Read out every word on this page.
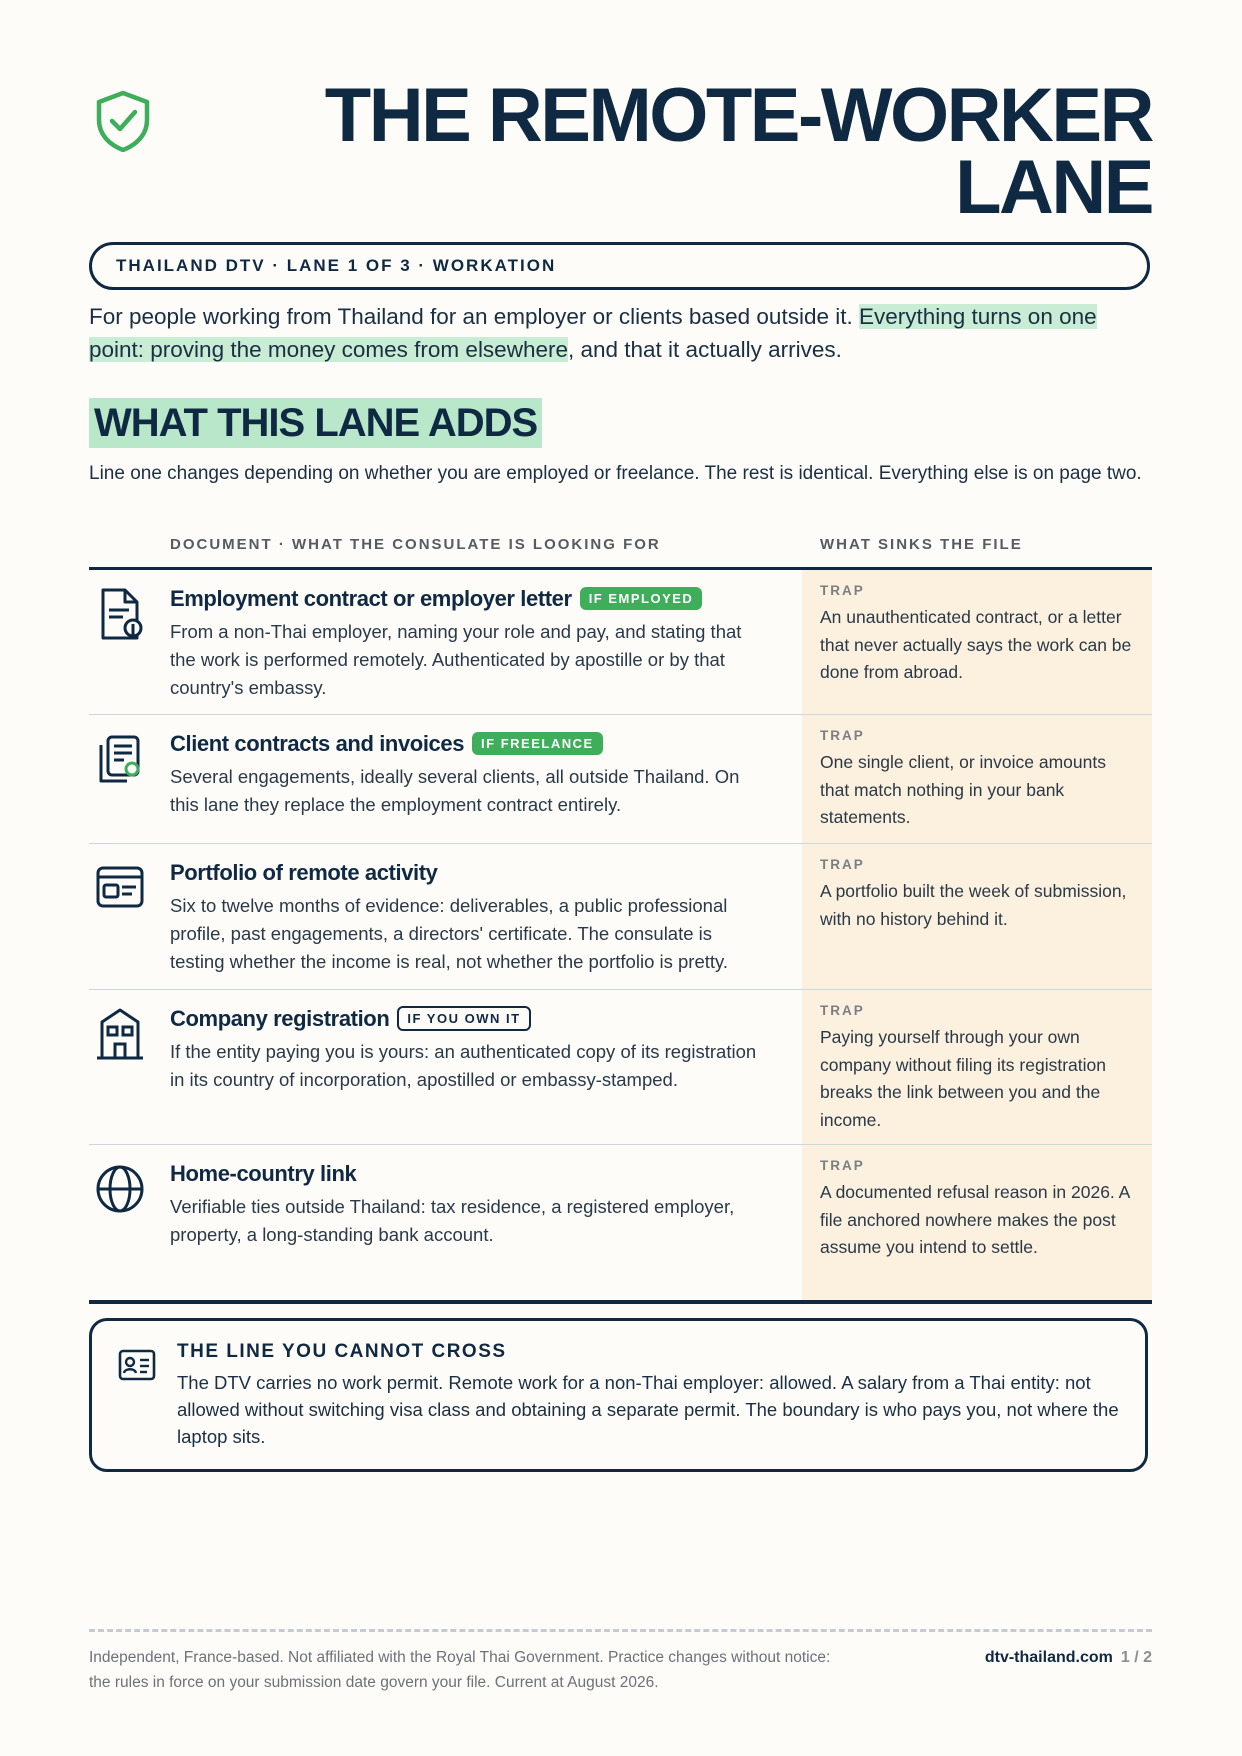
THE REMOTE-WORKER
LANE
THAILAND DTV · LANE 1 OF 3 · WORKATION
For people working from Thailand for an employer or clients based outside it. Everything turns on one point: proving the money comes from elsewhere, and that it actually arrives.
WHAT THIS LANE ADDS
Line one changes depending on whether you are employed or freelance. The rest is identical. Everything else is on page two.
DOCUMENT · WHAT THE CONSULATE IS LOOKING FOR	WHAT SINKS THE FILE
Employment contract or employer letter IF EMPLOYED
From a non-Thai employer, naming your role and pay, and stating that the work is performed remotely. Authenticated by apostille or by that country's embassy.
TRAP
An unauthenticated contract, or a letter that never actually says the work can be done from abroad.
Client contracts and invoices IF FREELANCE
Several engagements, ideally several clients, all outside Thailand. On this lane they replace the employment contract entirely.
TRAP
One single client, or invoice amounts that match nothing in your bank statements.
Portfolio of remote activity
Six to twelve months of evidence: deliverables, a public professional profile, past engagements, a directors' certificate. The consulate is testing whether the income is real, not whether the portfolio is pretty.
TRAP
A portfolio built the week of submission, with no history behind it.
Company registration IF YOU OWN IT
If the entity paying you is yours: an authenticated copy of its registration in its country of incorporation, apostilled or embassy-stamped.
TRAP
Paying yourself through your own company without filing its registration breaks the link between you and the income.
Home-country link
Verifiable ties outside Thailand: tax residence, a registered employer, property, a long-standing bank account.
TRAP
A documented refusal reason in 2026. A file anchored nowhere makes the post assume you intend to settle.
THE LINE YOU CANNOT CROSS
The DTV carries no work permit. Remote work for a non-Thai employer: allowed. A salary from a Thai entity: not allowed without switching visa class and obtaining a separate permit. The boundary is who pays you, not where the laptop sits.
Independent, France-based. Not affiliated with the Royal Thai Government. Practice changes without notice: the rules in force on your submission date govern your file. Current at August 2026.
dtv-thailand.com 1 / 2
